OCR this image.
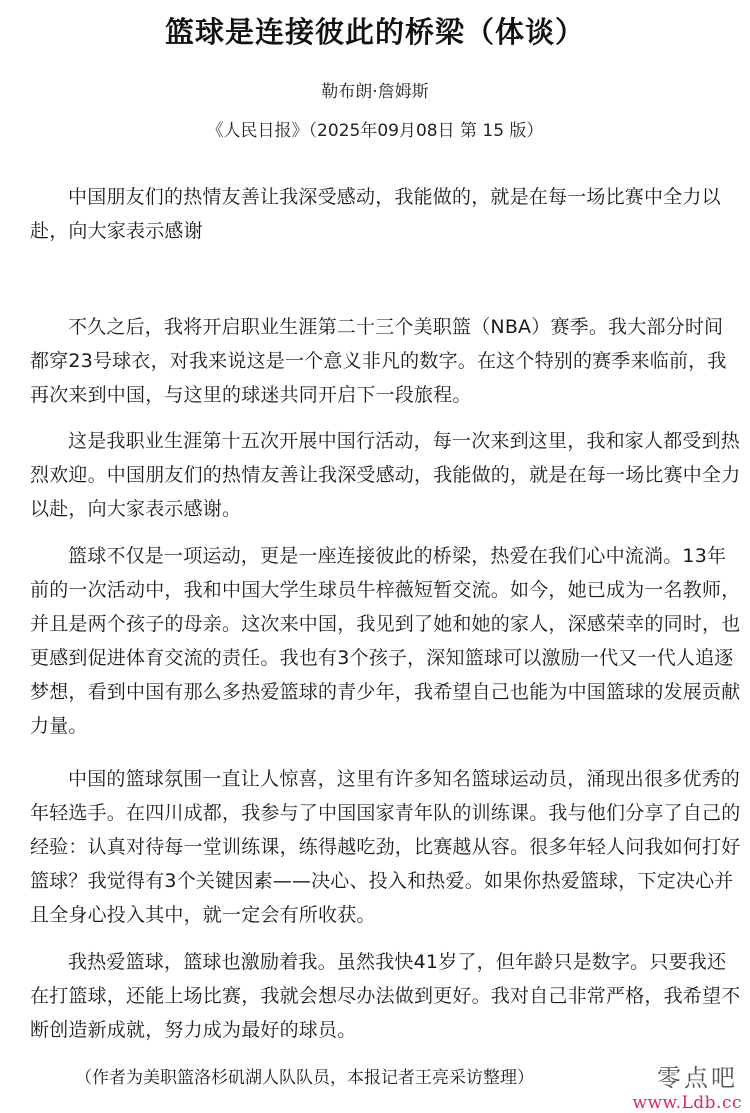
篮球是连接彼此的桥梁（体谈）
勒布朗·詹姆斯
《人民日报》（2025年09月08日 第 15 版）

中国朋友们的热情友善让我深受感动，我能做的，就是在每一场比赛中全力以赴，向大家表示感谢

不久之后，我将开启职业生涯第二十三个美职篮（NBA）赛季。我大部分时间都穿23号球衣，对我来说这是一个意义非凡的数字。在这个特别的赛季来临前，我再次来到中国，与这里的球迷共同开启下一段旅程。

这是我职业生涯第十五次开展中国行活动，每一次来到这里，我和家人都受到热烈欢迎。中国朋友们的热情友善让我深受感动，我能做的，就是在每一场比赛中全力以赴，向大家表示感谢。

篮球不仅是一项运动，更是一座连接彼此的桥梁，热爱在我们心中流淌。13年前的一次活动中，我和中国大学生球员牛梓薇短暂交流。如今，她已成为一名教师，并且是两个孩子的母亲。这次来中国，我见到了她和她的家人，深感荣幸的同时，也更感到促进体育交流的责任。我也有3个孩子，深知篮球可以激励一代又一代人追逐梦想，看到中国有那么多热爱篮球的青少年，我希望自己也能为中国篮球的发展贡献力量。

中国的篮球氛围一直让人惊喜，这里有许多知名篮球运动员，涌现出很多优秀的年轻选手。在四川成都，我参与了中国国家青年队的训练课。我与他们分享了自己的经验：认真对待每一堂训练课，练得越吃劲，比赛越从容。很多年轻人问我如何打好篮球？我觉得有3个关键因素——决心、投入和热爱。如果你热爱篮球，下定决心并且全身心投入其中，就一定会有所收获。

我热爱篮球，篮球也激励着我。虽然我快41岁了，但年龄只是数字。只要我还在打篮球，还能上场比赛，我就会想尽办法做到更好。我对自己非常严格，我希望不断创造新成就，努力成为最好的球员。

（作者为美职篮洛杉矶湖人队队员，本报记者王亮采访整理）	零点吧
www.Ldb.cc
